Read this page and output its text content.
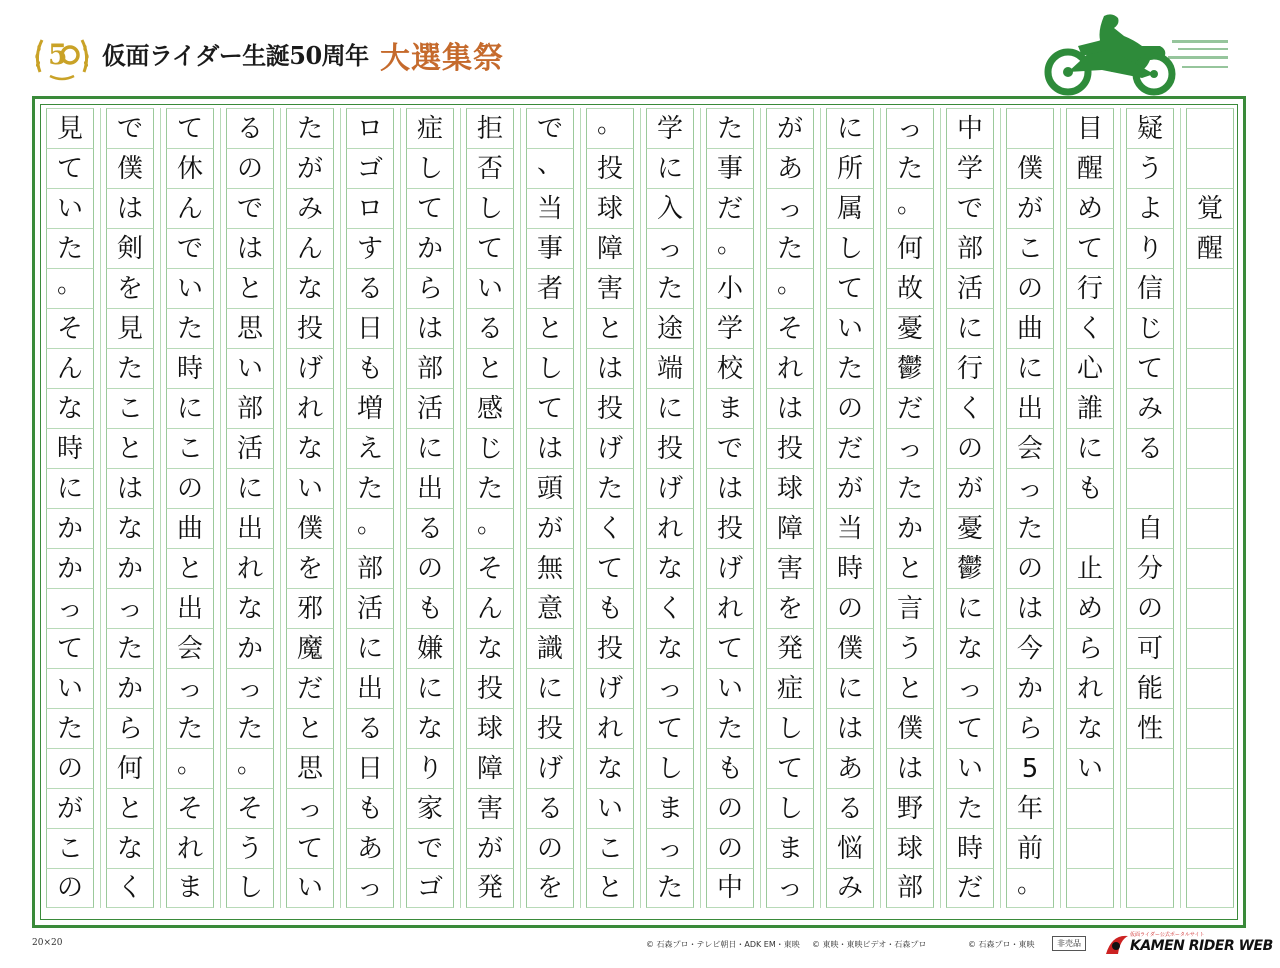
5 仮面ライダー生誕50周年 大選集祭
覚
醒
疑
う
よ
り
信
じ
て
み
る
自
分
の
可
能
性
目
醒
め
て
行
く
心
誰
に
も
止
め
ら
れ
な
い
僕
が
こ
の
曲
に
出
会
っ
た
の
は
今
か
ら
5
年
前
。
中
学
で
部
活
に
行
く
の
が
憂
鬱
に
な
っ
て
い
た
時
だ
っ
た
。
何
故
憂
鬱
だ
っ
た
か
と
言
う
と
僕
は
野
球
部
に
所
属
し
て
い
た
の
だ
が
当
時
の
僕
に
は
あ
る
悩
み
が
あ
っ
た
。
そ
れ
は
投
球
障
害
を
発
症
し
て
し
ま
っ
た
事
だ
。
小
学
校
ま
で
は
投
げ
れ
て
い
た
も
の
の
中
学
に
入
っ
た
途
端
に
投
げ
れ
な
く
な
っ
て
し
ま
っ
た
。
投
球
障
害
と
は
投
げ
た
く
て
も
投
げ
れ
な
い
こ
と
で
、
当
事
者
と
し
て
は
頭
が
無
意
識
に
投
げ
る
の
を
拒
否
し
て
い
る
と
感
じ
た
。
そ
ん
な
投
球
障
害
が
発
症
し
て
か
ら
は
部
活
に
出
る
の
も
嫌
に
な
り
家
で
ゴ
ロ
ゴ
ロ
す
る
日
も
増
え
た
。
部
活
に
出
る
日
も
あ
っ
た
が
み
ん
な
投
げ
れ
な
い
僕
を
邪
魔
だ
と
思
っ
て
い
る
の
で
は
と
思
い
部
活
に
出
れ
な
か
っ
た
。
そ
う
し
て
休
ん
で
い
た
時
に
こ
の
曲
と
出
会
っ
た
。
そ
れ
ま
で
僕
は
剣
を
見
た
こ
と
は
な
か
っ
た
か
ら
何
と
な
く
見
て
い
た
。
そ
ん
な
時
に
か
か
っ
て
い
た
の
が
こ
の
20×20	© 石森プロ・テレビ朝日・ADK EM・東映 © 東映・東映ビデオ・石森プロ	© 石森プロ・東映	非売品
仮面ライダー公式ポータルサイト
KAMEN RIDER WEB
